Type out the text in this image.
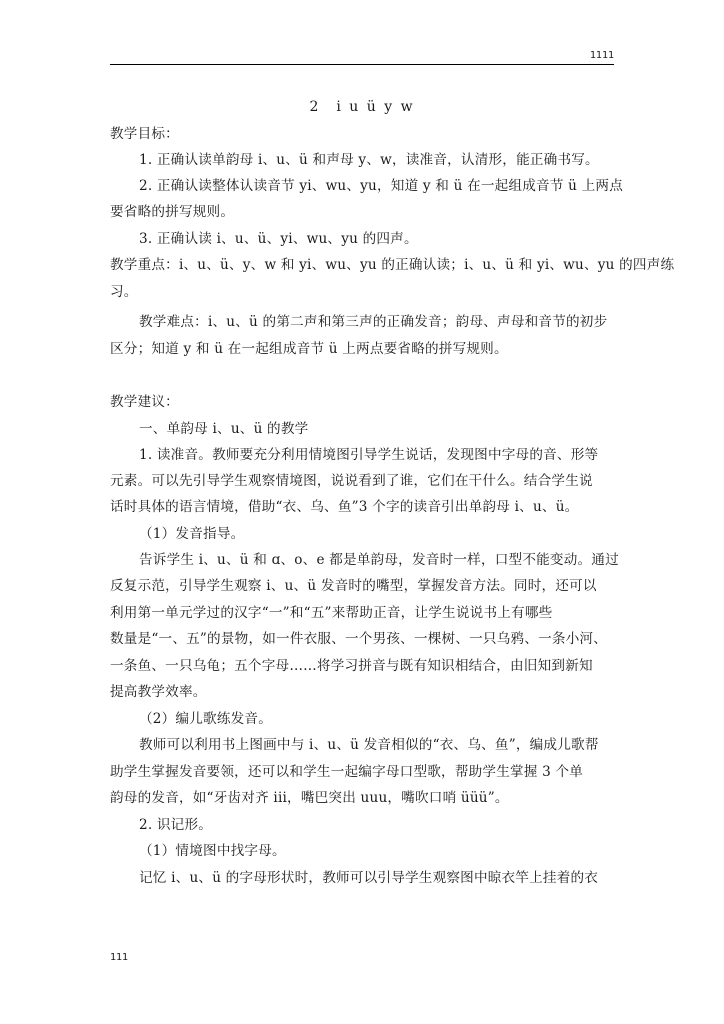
1111
2　i u ü y w
教学目标：
1. 正确认读单韵母 i、u、ü 和声母 y、w，读准音，认清形，能正确书写。
2. 正确认读整体认读音节 yi、wu、yu，知道 y 和 ü 在一起组成音节 ü 上两点
要省略的拼写规则。
3. 正确认读 i、u、ü、yi、wu、yu 的四声。
教学重点：i、u、ü、y、w 和 yi、wu、yu 的正确认读；i、u、ü 和 yi、wu、yu 的四声练
习。
教学难点：i、u、ü 的第二声和第三声的正确发音；韵母、声母和音节的初步
区分；知道 y 和 ü 在一起组成音节 ü 上两点要省略的拼写规则。
教学建议：
一、单韵母 i、u、ü 的教学
1. 读准音。教师要充分利用情境图引导学生说话，发现图中字母的音、形等
元素。可以先引导学生观察情境图，说说看到了谁，它们在干什么。结合学生说
话时具体的语言情境，借助“衣、乌、鱼”3 个字的读音引出单韵母 i、u、ü。
（1）发音指导。
告诉学生 i、u、ü 和 ɑ、o、e 都是单韵母，发音时一样，口型不能变动。通过
反复示范，引导学生观察 i、u、ü 发音时的嘴型，掌握发音方法。同时，还可以
利用第一单元学过的汉字“一”和“五”来帮助正音，让学生说说书上有哪些
数量是“一、五”的景物，如一件衣服、一个男孩、一棵树、一只乌鸦、一条小河、
一条鱼、一只乌龟；五个字母……将学习拼音与既有知识相结合，由旧知到新知
提高教学效率。
（2）编儿歌练发音。
教师可以利用书上图画中与 i、u、ü 发音相似的“衣、乌、鱼”，编成儿歌帮
助学生掌握发音要领，还可以和学生一起编字母口型歌，帮助学生掌握 3 个单
韵母的发音，如“牙齿对齐 iii，嘴巴突出 uuu，嘴吹口哨 üüü”。
2. 识记形。
（1）情境图中找字母。
记忆 i、u、ü 的字母形状时，教师可以引导学生观察图中晾衣竿上挂着的衣
111
